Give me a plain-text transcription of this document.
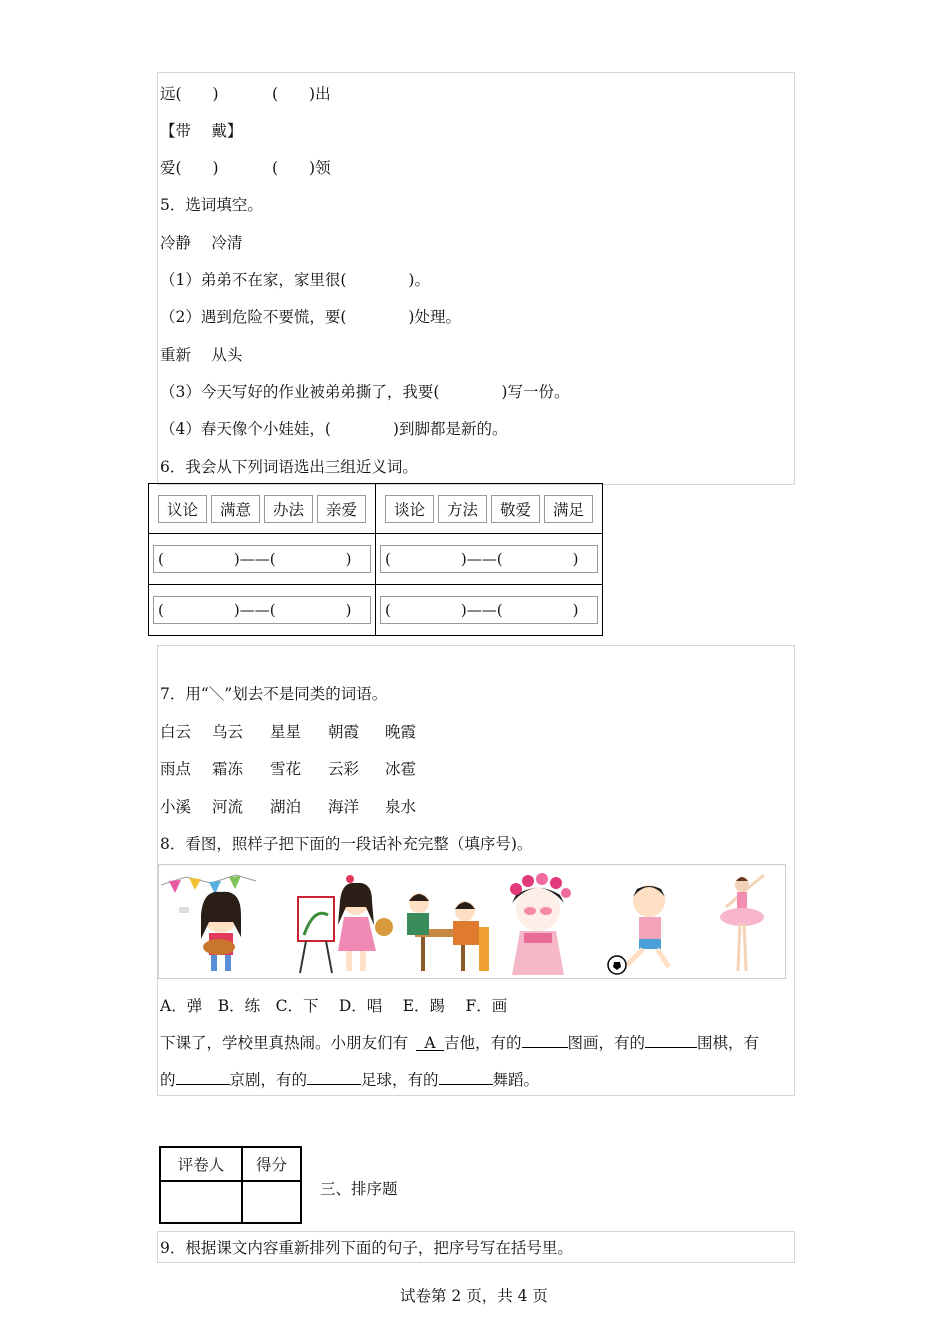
远(　　)	(　　)出
【带　 戴】
爱(　　)	(　　)领
5．选词填空。
冷静　 冷清
（1）弟弟不在家，家里很(　　　　)。
（2）遇到危险不要慌，要(　　　　)处理。
重新　 从头
（3）今天写好的作业被弟弟撕了，我要(　　　　)写一份。
（4）春天像个小娃娃，(　　　　)到脚都是新的。
6．我会从下列词语选出三组近义词。
议论 满意 办法 亲爱	谈论 方法 敬爱 满足

( )——( )	( )——( )

( )——( )	( )——( )
7．用“＼”划去不是同类的词语。
白云 乌云 星星 朝霞 晚霞
雨点 霜冻 雪花 云彩 冰雹
小溪 河流 湖泊 海洋 泉水
8．看图，照样子把下面的一段话补充完整（填序号)。
A．弹　B．练　C．下　 D．唱　 E．踢　 F．画
下课了，学校里真热闹。小朋友们有 A 吉他，有的	图画，有的	围棋，有
的	京剧，有的	足球，有的	舞蹈。
评卷人	得分

三、排序题
9．根据课文内容重新排列下面的句子，把序号写在括号里。
试卷第 2 页，共 4 页
